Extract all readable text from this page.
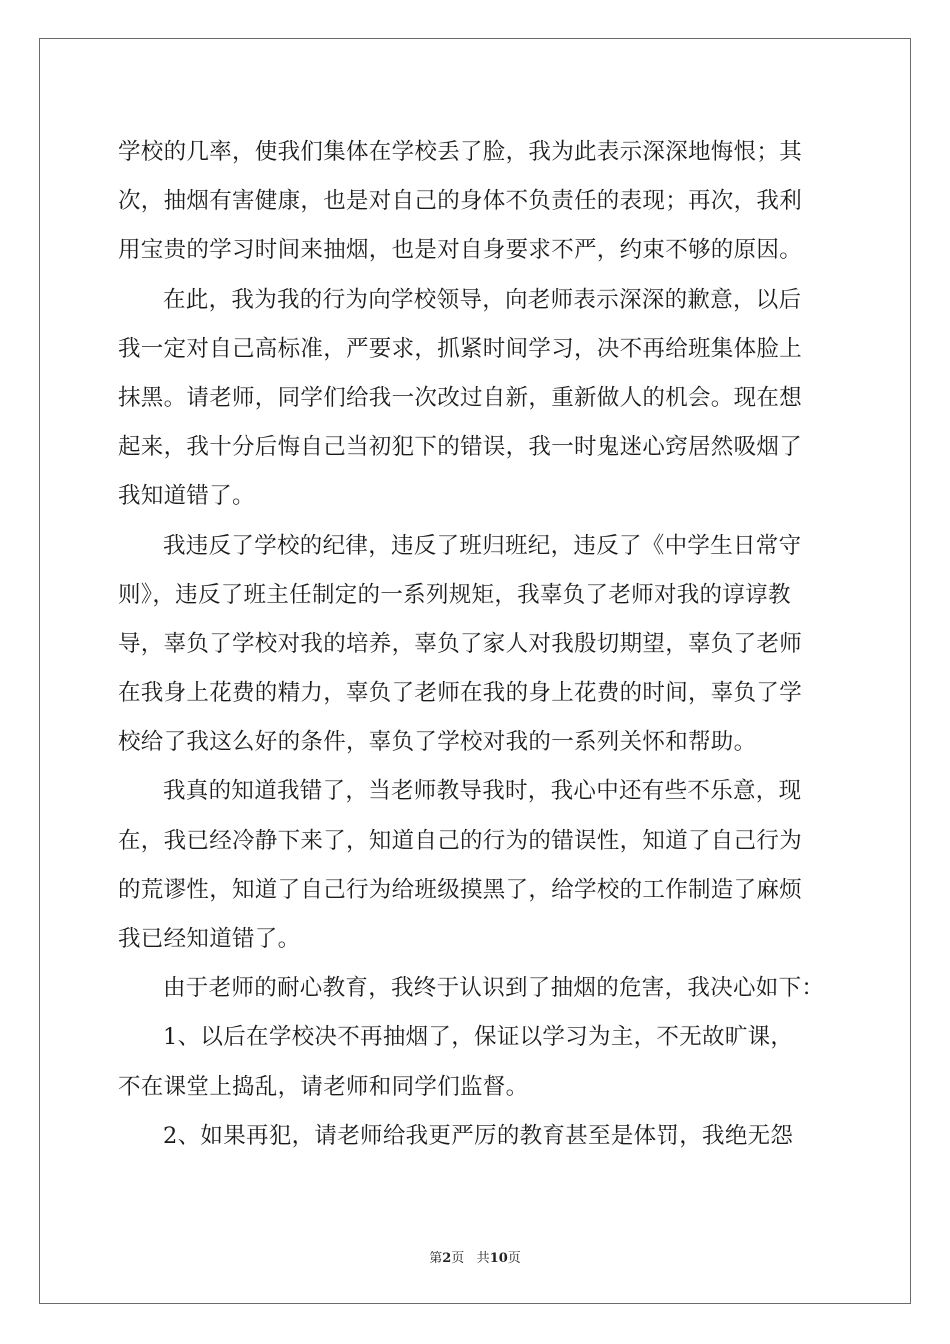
学校的几率，使我们集体在学校丢了脸，我为此表示深深地悔恨；其
次，抽烟有害健康，也是对自己的身体不负责任的表现；再次，我利
用宝贵的学习时间来抽烟，也是对自身要求不严，约束不够的原因。
在此，我为我的行为向学校领导，向老师表示深深的歉意，以后
我一定对自己高标准，严要求，抓紧时间学习，决不再给班集体脸上
抹黑。请老师，同学们给我一次改过自新，重新做人的机会。现在想
起来，我十分后悔自己当初犯下的错误，我一时鬼迷心窍居然吸烟了
我知道错了。
我违反了学校的纪律，违反了班归班纪，违反了《中学生日常守
则》，违反了班主任制定的一系列规矩，我辜负了老师对我的谆谆教
导，辜负了学校对我的培养，辜负了家人对我殷切期望，辜负了老师
在我身上花费的精力，辜负了老师在我的身上花费的时间，辜负了学
校给了我这么好的条件，辜负了学校对我的一系列关怀和帮助。
我真的知道我错了，当老师教导我时，我心中还有些不乐意，现
在，我已经冷静下来了，知道自己的行为的错误性，知道了自己行为
的荒谬性，知道了自己行为给班级摸黑了，给学校的工作制造了麻烦
我已经知道错了。
由于老师的耐心教育，我终于认识到了抽烟的危害，我决心如下：
1、以后在学校决不再抽烟了，保证以学习为主，不无故旷课，
不在课堂上捣乱，请老师和同学们监督。
2、如果再犯，请老师给我更严厉的教育甚至是体罚，我绝无怨
第2页 共10页
